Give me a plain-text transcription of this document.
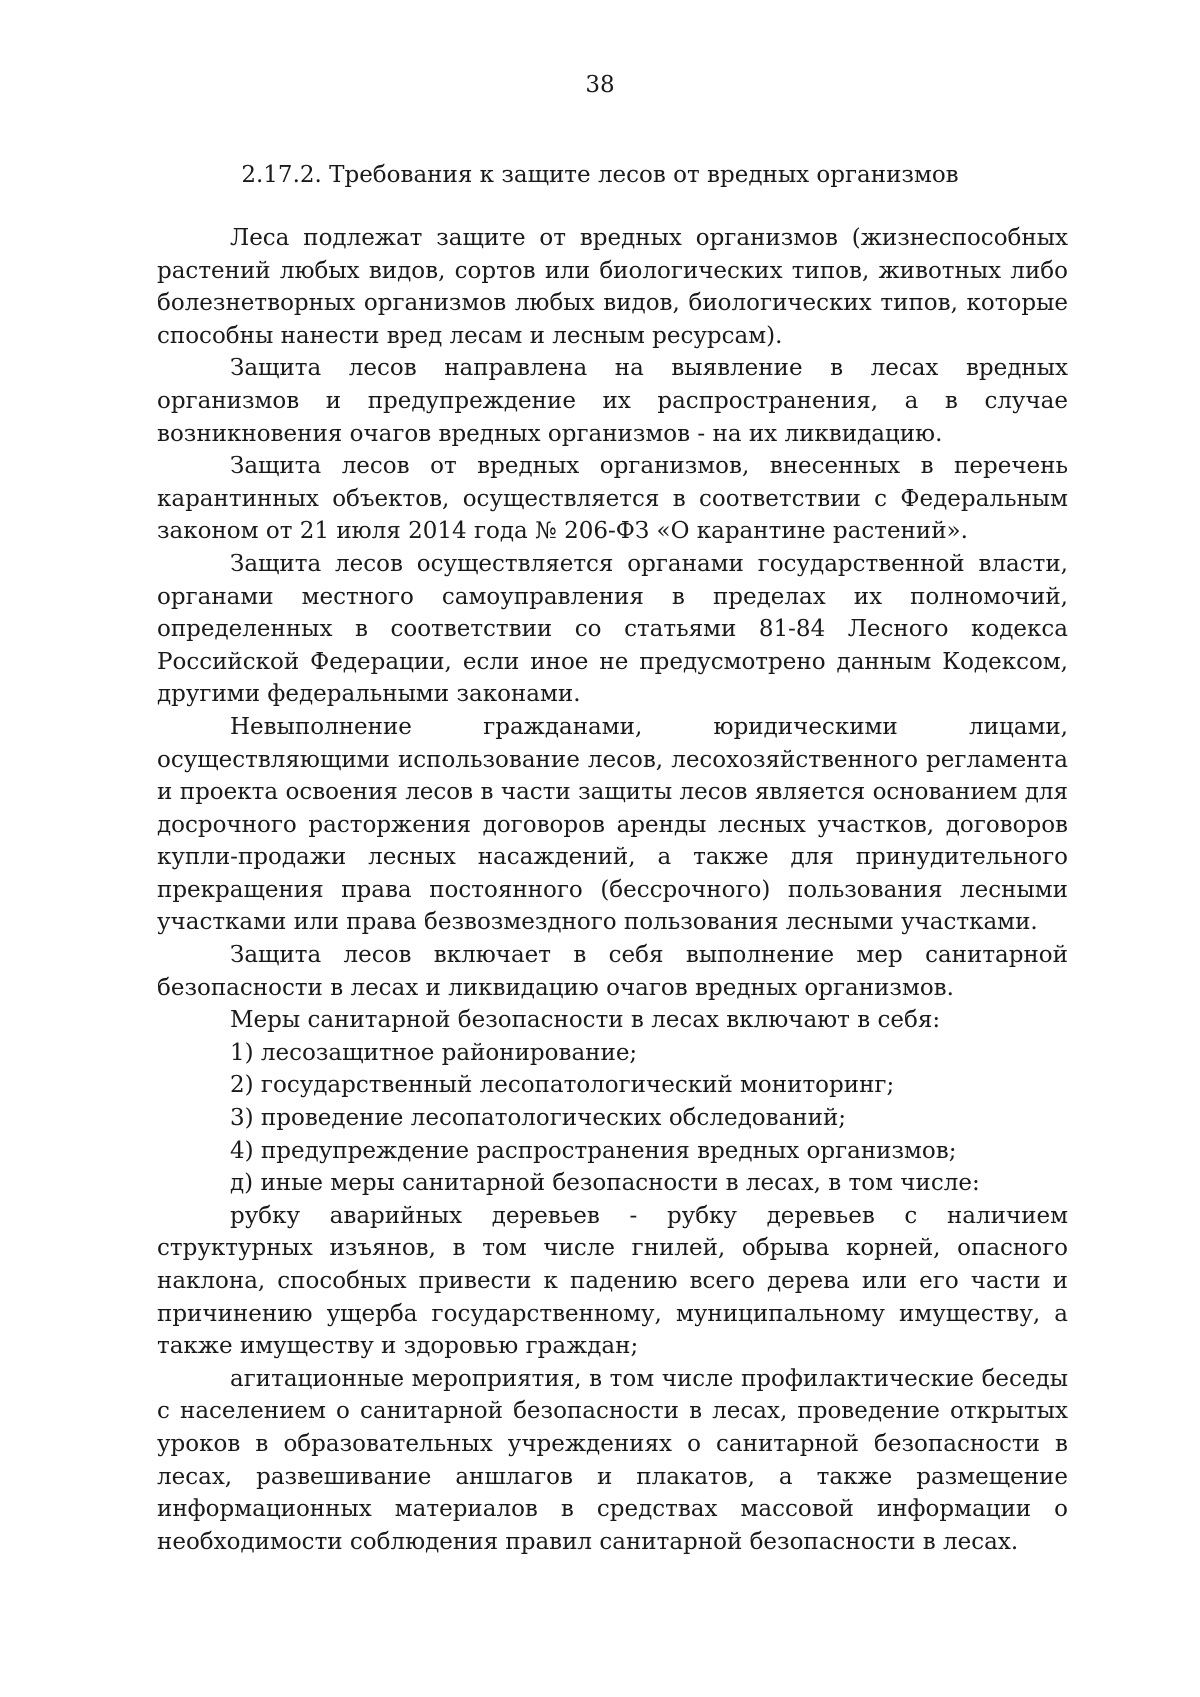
38
2.17.2. Требования к защите лесов от вредных организмов

Леса подлежат защите от вредных организмов (жизнеспособных растений любых видов, сортов или биологических типов, животных либо болезнетворных организмов любых видов, биологических типов, которые способны нанести вред лесам и лесным ресурсам).

Защита лесов направлена на выявление в лесах вредных организмов и предупреждение их распространения, а в случае возникновения очагов вредных организмов - на их ликвидацию.

Защита лесов от вредных организмов, внесенных в перечень карантинных объектов, осуществляется в соответствии с Федеральным законом от 21 июля 2014 года № 206-ФЗ «О карантине растений».

Защита лесов осуществляется органами государственной власти, органами местного самоуправления в пределах их полномочий, определенных в соответствии со статьями 81-84 Лесного кодекса Российской Федерации, если иное не предусмотрено данным Кодексом, другими федеральными законами.

Невыполнение гражданами, юридическими лицами, осуществляющими использование лесов, лесохозяйственного регламента и проекта освоения лесов в части защиты лесов является основанием для досрочного расторжения договоров аренды лесных участков, договоров купли-продажи лесных насаждений, а также для принудительного прекращения права постоянного (бессрочного) пользования лесными участками или права безвозмездного пользования лесными участками.

Защита лесов включает в себя выполнение мер санитарной безопасности в лесах и ликвидацию очагов вредных организмов.

Меры санитарной безопасности в лесах включают в себя:

1) лесозащитное районирование;

2) государственный лесопатологический мониторинг;

3) проведение лесопатологических обследований;

4) предупреждение распространения вредных организмов;

д) иные меры санитарной безопасности в лесах, в том числе:

рубку аварийных деревьев - рубку деревьев с наличием структурных изъянов, в том числе гнилей, обрыва корней, опасного наклона, способных привести к падению всего дерева или его части и причинению ущерба государственному, муниципальному имуществу, а также имуществу и здоровью граждан;

агитационные мероприятия, в том числе профилактические беседы с населением о санитарной безопасности в лесах, проведение открытых уроков в образовательных учреждениях о санитарной безопасности в лесах, развешивание аншлагов и плакатов, а также размещение информационных материалов в средствах массовой информации о необходимости соблюдения правил санитарной безопасности в лесах.
